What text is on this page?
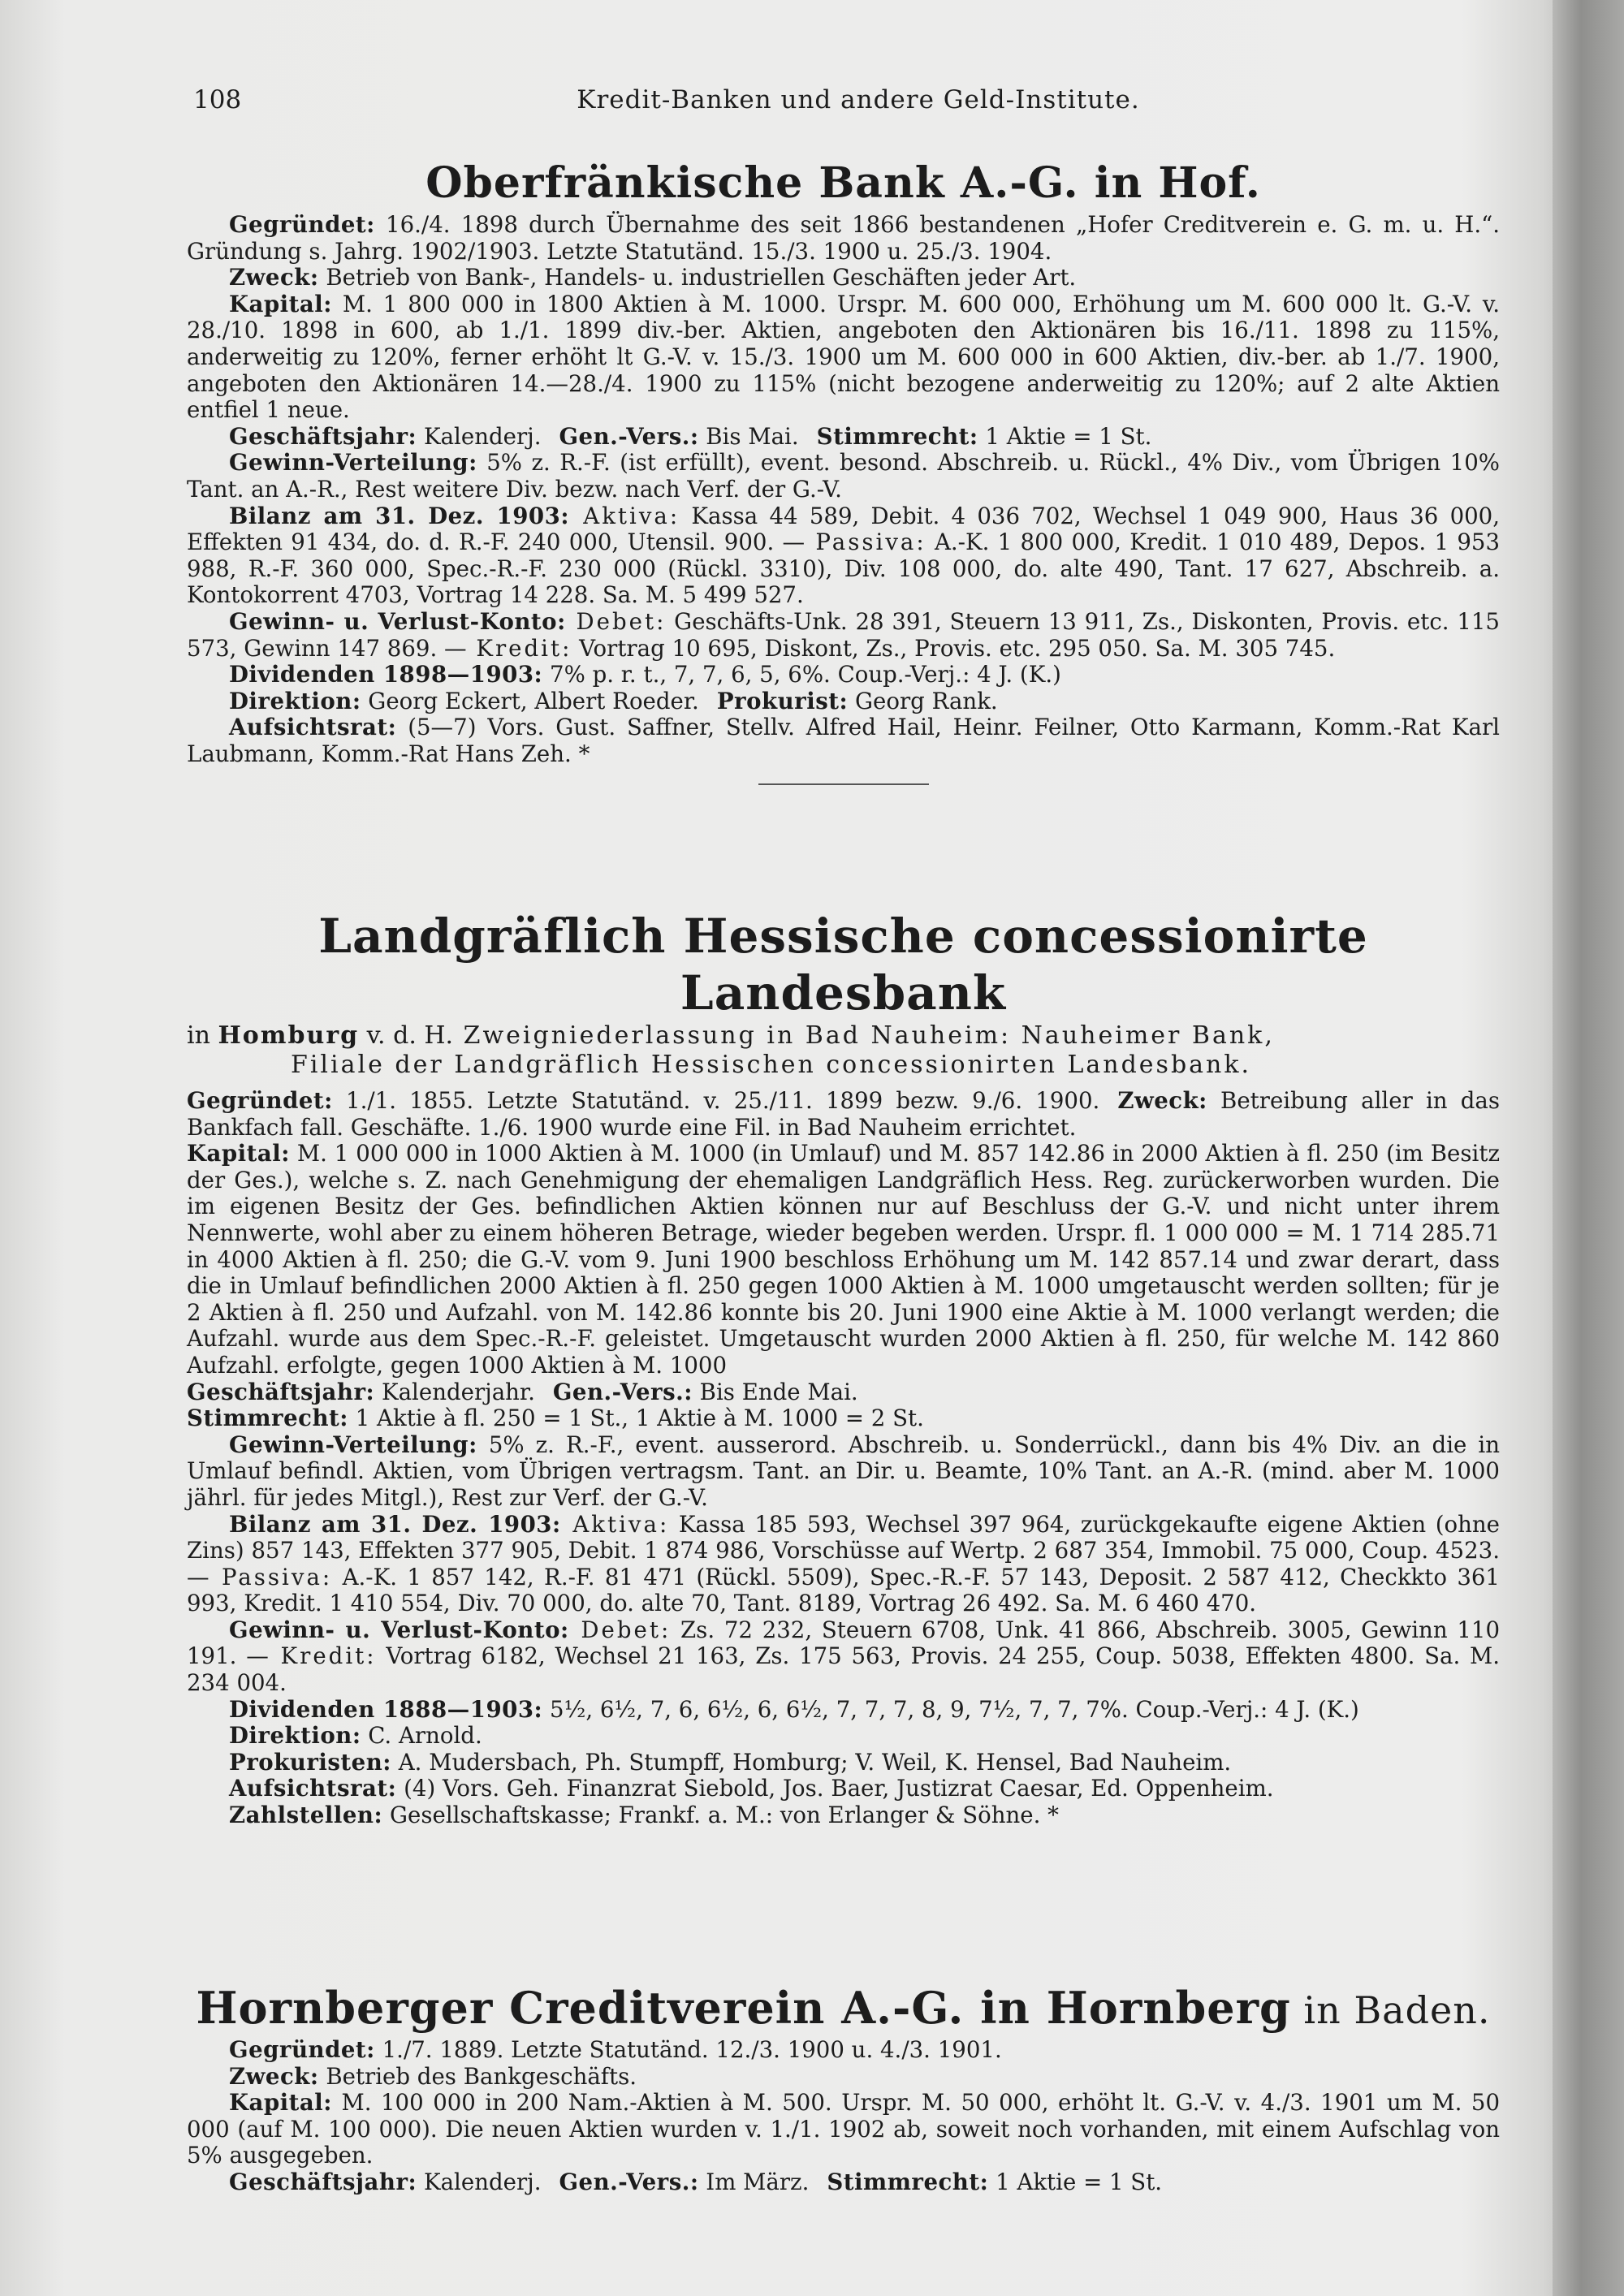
108	Kredit-Banken und andere Geld-Institute.

Oberfränkische Bank A.-G. in Hof.

Gegründet: 16./4. 1898 durch Übernahme des seit 1866 bestandenen „Hofer Creditverein e. G. m. u. H.“. Gründung s. Jahrg. 1902/1903. Letzte Statutänd. 15./3. 1900 u. 25./3. 1904.

Zweck: Betrieb von Bank-, Handels- u. industriellen Geschäften jeder Art.

Kapital: M. 1 800 000 in 1800 Aktien à M. 1000. Urspr. M. 600 000, Erhöhung um M. 600 000 lt. G.-V. v. 28./10. 1898 in 600, ab 1./1. 1899 div.-ber. Aktien, angeboten den Aktionären bis 16./11. 1898 zu 115%, anderweitig zu 120%, ferner erhöht lt G.-V. v. 15./3. 1900 um M. 600 000 in 600 Aktien, div.-ber. ab 1./7. 1900, angeboten den Aktionären 14.—28./4. 1900 zu 115% (nicht bezogene anderweitig zu 120%; auf 2 alte Aktien entfiel 1 neue.

Geschäftsjahr: Kalenderj. Gen.-Vers.: Bis Mai. Stimmrecht: 1 Aktie = 1 St.

Gewinn-Verteilung: 5% z. R.-F. (ist erfüllt), event. besond. Abschreib. u. Rückl., 4% Div., vom Übrigen 10% Tant. an A.-R., Rest weitere Div. bezw. nach Verf. der G.-V.

Bilanz am 31. Dez. 1903: Aktiva: Kassa 44 589, Debit. 4 036 702, Wechsel 1 049 900, Haus 36 000, Effekten 91 434, do. d. R.-F. 240 000, Utensil. 900. — Passiva: A.-K. 1 800 000, Kredit. 1 010 489, Depos. 1 953 988, R.-F. 360 000, Spec.-R.-F. 230 000 (Rückl. 3310), Div. 108 000, do. alte 490, Tant. 17 627, Abschreib. a. Kontokorrent 4703, Vortrag 14 228. Sa. M. 5 499 527.

Gewinn- u. Verlust-Konto: Debet: Geschäfts-Unk. 28 391, Steuern 13 911, Zs., Diskonten, Provis. etc. 115 573, Gewinn 147 869. — Kredit: Vortrag 10 695, Diskont, Zs., Provis. etc. 295 050. Sa. M. 305 745.

Dividenden 1898—1903: 7% p. r. t., 7, 7, 6, 5, 6%. Coup.-Verj.: 4 J. (K.)

Direktion: Georg Eckert, Albert Roeder. Prokurist: Georg Rank.

Aufsichtsrat: (5—7) Vors. Gust. Saffner, Stellv. Alfred Hail, Heinr. Feilner, Otto Karmann, Komm.-Rat Karl Laubmann, Komm.-Rat Hans Zeh. *

Landgräflich Hessische concessionirte Landesbank

in Homburg v. d. H. Zweigniederlassung in Bad Nauheim: Nauheimer Bank,

Filiale der Landgräflich Hessischen concessionirten Landesbank.

Gegründet: 1./1. 1855. Letzte Statutänd. v. 25./11. 1899 bezw. 9./6. 1900. Zweck: Betreibung aller in das Bankfach fall. Geschäfte. 1./6. 1900 wurde eine Fil. in Bad Nauheim errichtet.

Kapital: M. 1 000 000 in 1000 Aktien à M. 1000 (in Umlauf) und M. 857 142.86 in 2000 Aktien à fl. 250 (im Besitz der Ges.), welche s. Z. nach Genehmigung der ehemaligen Landgräflich Hess. Reg. zurückerworben wurden. Die im eigenen Besitz der Ges. befindlichen Aktien können nur auf Beschluss der G.-V. und nicht unter ihrem Nennwerte, wohl aber zu einem höheren Betrage, wieder begeben werden. Urspr. fl. 1 000 000 = M. 1 714 285.71 in 4000 Aktien à fl. 250; die G.-V. vom 9. Juni 1900 beschloss Erhöhung um M. 142 857.14 und zwar derart, dass die in Umlauf befindlichen 2000 Aktien à fl. 250 gegen 1000 Aktien à M. 1000 umgetauscht werden sollten; für je 2 Aktien à fl. 250 und Aufzahl. von M. 142.86 konnte bis 20. Juni 1900 eine Aktie à M. 1000 verlangt werden; die Aufzahl. wurde aus dem Spec.-R.-F. geleistet. Umgetauscht wurden 2000 Aktien à fl. 250, für welche M. 142 860 Aufzahl. erfolgte, gegen 1000 Aktien à M. 1000

Geschäftsjahr: Kalenderjahr. Gen.-Vers.: Bis Ende Mai.

Stimmrecht: 1 Aktie à fl. 250 = 1 St., 1 Aktie à M. 1000 = 2 St.

Gewinn-Verteilung: 5% z. R.-F., event. ausserord. Abschreib. u. Sonderrückl., dann bis 4% Div. an die in Umlauf befindl. Aktien, vom Übrigen vertragsm. Tant. an Dir. u. Beamte, 10% Tant. an A.-R. (mind. aber M. 1000 jährl. für jedes Mitgl.), Rest zur Verf. der G.-V.

Bilanz am 31. Dez. 1903: Aktiva: Kassa 185 593, Wechsel 397 964, zurückgekaufte eigene Aktien (ohne Zins) 857 143, Effekten 377 905, Debit. 1 874 986, Vorschüsse auf Wertp. 2 687 354, Immobil. 75 000, Coup. 4523. — Passiva: A.-K. 1 857 142, R.-F. 81 471 (Rückl. 5509), Spec.-R.-F. 57 143, Deposit. 2 587 412, Checkkto 361 993, Kredit. 1 410 554, Div. 70 000, do. alte 70, Tant. 8189, Vortrag 26 492. Sa. M. 6 460 470.

Gewinn- u. Verlust-Konto: Debet: Zs. 72 232, Steuern 6708, Unk. 41 866, Abschreib. 3005, Gewinn 110 191. — Kredit: Vortrag 6182, Wechsel 21 163, Zs. 175 563, Provis. 24 255, Coup. 5038, Effekten 4800. Sa. M. 234 004.

Dividenden 1888—1903: 5½, 6½, 7, 6, 6½, 6, 6½, 7, 7, 7, 8, 9, 7½, 7, 7, 7%. Coup.-Verj.: 4 J. (K.)

Direktion: C. Arnold.

Prokuristen: A. Mudersbach, Ph. Stumpff, Homburg; V. Weil, K. Hensel, Bad Nauheim.

Aufsichtsrat: (4) Vors. Geh. Finanzrat Siebold, Jos. Baer, Justizrat Caesar, Ed. Oppenheim.

Zahlstellen: Gesellschaftskasse; Frankf. a. M.: von Erlanger & Söhne. *

Hornberger Creditverein A.-G. in Hornberg in Baden.

Gegründet: 1./7. 1889. Letzte Statutänd. 12./3. 1900 u. 4./3. 1901.

Zweck: Betrieb des Bankgeschäfts.

Kapital: M. 100 000 in 200 Nam.-Aktien à M. 500. Urspr. M. 50 000, erhöht lt. G.-V. v. 4./3. 1901 um M. 50 000 (auf M. 100 000). Die neuen Aktien wurden v. 1./1. 1902 ab, soweit noch vorhanden, mit einem Aufschlag von 5% ausgegeben.

Geschäftsjahr: Kalenderj. Gen.-Vers.: Im März. Stimmrecht: 1 Aktie = 1 St.
